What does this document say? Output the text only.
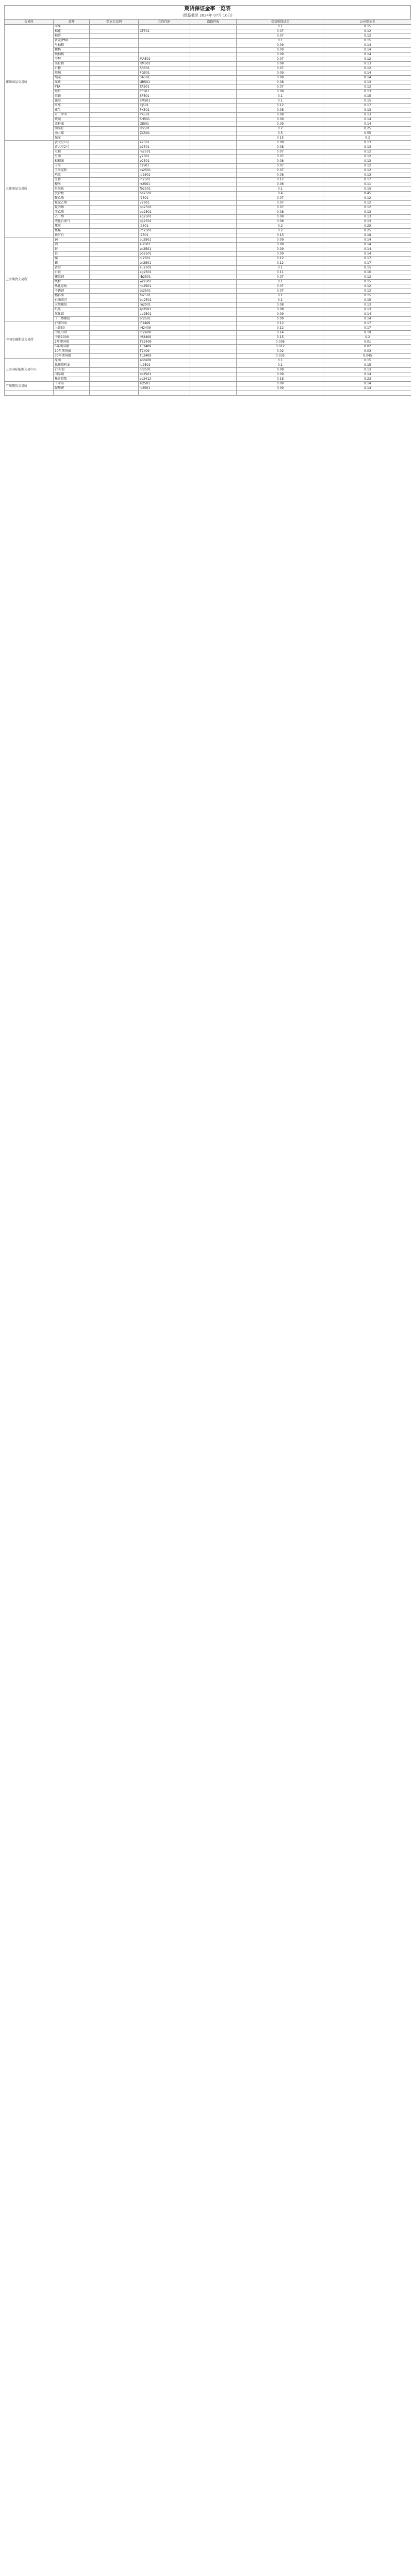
期货保证金率一览表
(数据截至 2024年 07月 10日)
交易所	品种	保证金比例	合约代码	涨跌停板	交易所保证金	公司保证金
郑州商品交易所	苹果				0.1	0.15
	棉花		CF501		0.07	0.12
	棉纱				0.07	0.12
	普麦(PM)				0.1	0.15
	早籼稻				0.09	0.14
	粳稻				0.09	0.14
	晚籼稻				0.09	0.14
	甲醇		MA501		0.07	0.12
	菜籽粕		RM501		0.08	0.13
	白糖		SR501		0.07	0.12
	玻璃		FG501		0.09	0.14
	纯碱		SA501		0.09	0.14
	尿素		UR501		0.08	0.13
	PTA		TA501		0.07	0.12
	短纤		PF501		0.08	0.13
	硅铁		SF501		0.1	0.15
	锰硅		SM501		0.1	0.15
	红枣		CJ501		0.12	0.17
	花生		PK501		0.08	0.13
	对二甲苯		PX501		0.08	0.13
	烧碱		SH501		0.09	0.14
	菜籽油		OI501		0.09	0.14
	油菜籽		RS501		0.2	0.25
	动力煤		ZC501		0.5	0.55
	强麦				0.15	0.2
大连商品交易所	黄大豆1号		a2501		0.08	0.13
	黄大豆2号		b2501		0.08	0.13
	豆粕		m2501		0.07	0.12
	豆油		y2501		0.07	0.12
	棕榈油		p2501		0.08	0.13
	玉米		c2501		0.07	0.12
	玉米淀粉		cs2501		0.07	0.12
	鸡蛋		jd2501		0.08	0.13
	生猪		lh2501		0.12	0.17
	粳米		rr2501		0.06	0.11
	纤维板		fb2501		0.1	0.15
	胶合板		bb2501		0.4	0.45
	聚乙烯		l2501		0.07	0.12
	聚氯乙烯		v2501		0.07	0.12
	聚丙烯		pp2501		0.07	0.12
	苯乙烯		eb2501		0.08	0.13
	乙二醇		eg2501		0.08	0.13
	液化石油气		pg2501		0.08	0.13
	焦炭		j2501		0.2	0.25
	焦煤		jm2501		0.2	0.25
	铁矿石		i2501		0.13	0.18
上海期货交易所	铜		cu2501		0.09	0.14
	铝		al2501		0.09	0.14
	锌		zn2501		0.09	0.14
	铅		pb2501		0.09	0.14
	镍		ni2501		0.12	0.17
	锡		sn2501		0.12	0.17
	黄金		au2501		0.1	0.15
	白银		ag2501		0.11	0.16
	螺纹钢		rb2501		0.07	0.12
	线材		wr2501		0.1	0.15
	热轧卷板		hc2501		0.07	0.12
	不锈钢		ss2501		0.07	0.12
	燃料油		fu2501		0.1	0.15
	石油沥青		bu2501		0.1	0.15
	天然橡胶		ru2501		0.08	0.13
	纸浆		sp2501		0.08	0.13
	氧化铝		ao2501		0.09	0.14
	丁二烯橡胶		br2501		0.09	0.14
中国金融期货交易所	沪深300		IF2409		0.12	0.17
	上证50		IH2409		0.12	0.17
	中证500		IC2409		0.14	0.19
	中证1000		IM2409		0.15	0.2
	2年期国债		TS2409		0.005	0.01
	5年期国债		TF2409		0.012	0.02
	10年期国债		T2409		0.02	0.03
	30年期国债		TL2409		0.035	0.045
上海国际能源交易中心	原油		sc2409		0.1	0.15
	低硫燃料油		lu2501		0.1	0.15
	20号胶		nr2501		0.08	0.13
	国际铜		bc2501		0.09	0.14
	集运指数		ec2412		0.18	0.23
广州期货交易所	工业硅		si2501		0.09	0.14
	碳酸锂		lc2501		0.09	0.14
